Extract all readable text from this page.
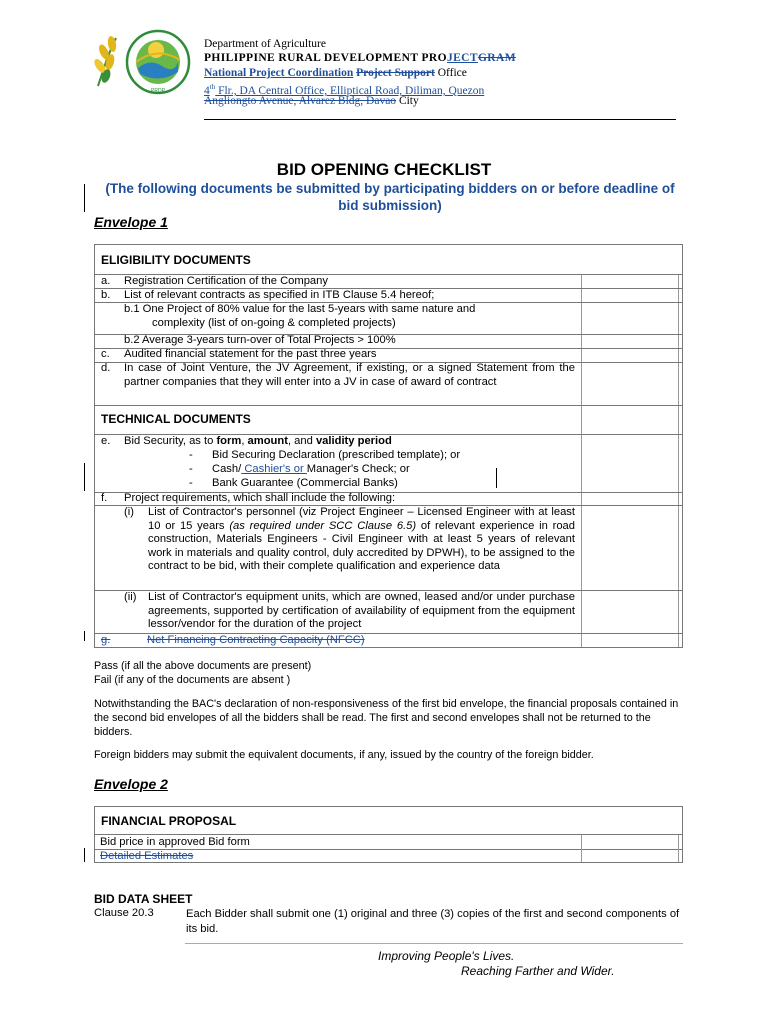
PRDP
Department of Agriculture
PHILIPPINE RURAL DEVELOPMENT PROJECTGRAM
National Project Coordination Project Support Office
4th Flr., DA Central Office, Elliptical Road, Diliman, Quezon
Angliongto Avenue, Alvarez Bldg, Davao City
BID OPENING CHECKLIST
(The following documents be submitted by participating bidders on or before deadline of bid submission)
Envelope 1
ELIGIBILITY DOCUMENTS
a. Registration Certification of the Company
b. List of relevant contracts as specified in ITB Clause 5.4 hereof;
b.1 One Project of 80% value for the last 5-years with same nature and
complexity (list of on-going & completed projects)
b.2 Average 3-years turn-over of Total Projects > 100%
c. Audited financial statement for the past three years
d. In case of Joint Venture, the JV Agreement, if existing, or a signed Statement from the partner companies that they will enter into a JV in case of award of contract
TECHNICAL DOCUMENTS
e. Bid Security, as to form, amount, and validity period
- Bid Securing Declaration (prescribed template); or
- Cash/ Cashier's or Manager's Check; or
- Bank Guarantee (Commercial Banks)
f. Project requirements, which shall include the following:
(i) List of Contractor's personnel (viz Project Engineer – Licensed Engineer with at least 10 or 15 years (as required under SCC Clause 6.5) of relevant experience in road construction, Materials Engineers - Civil Engineer with at least 5 years of relevant work in materials and quality control, duly accredited by DPWH), to be assigned to the contract to be bid, with their complete qualification and experience data
(ii) List of Contractor's equipment units, which are owned, leased and/or under purchase agreements, supported by certification of availability of equipment from the equipment lessor/vendor for the duration of the project
g.	Net Financing Contracting Capacity (NFCC)
Pass (if all the above documents are present)
Fail (if any of the documents are absent )
Notwithstanding the BAC's declaration of non-responsiveness of the first bid envelope, the financial proposals contained in the second bid envelopes of all the bidders shall be read. The first and second envelopes shall not be returned to the bidders.
Foreign bidders may submit the equivalent documents, if any, issued by the country of the foreign bidder.
Envelope 2
FINANCIAL PROPOSAL
Bid price in approved Bid form
Detailed Estimates
BID DATA SHEET
Clause 20.3	Each Bidder shall submit one (1) original and three (3) copies of the first and second components of its bid.
Improving People's Lives.
Reaching Farther and Wider.
